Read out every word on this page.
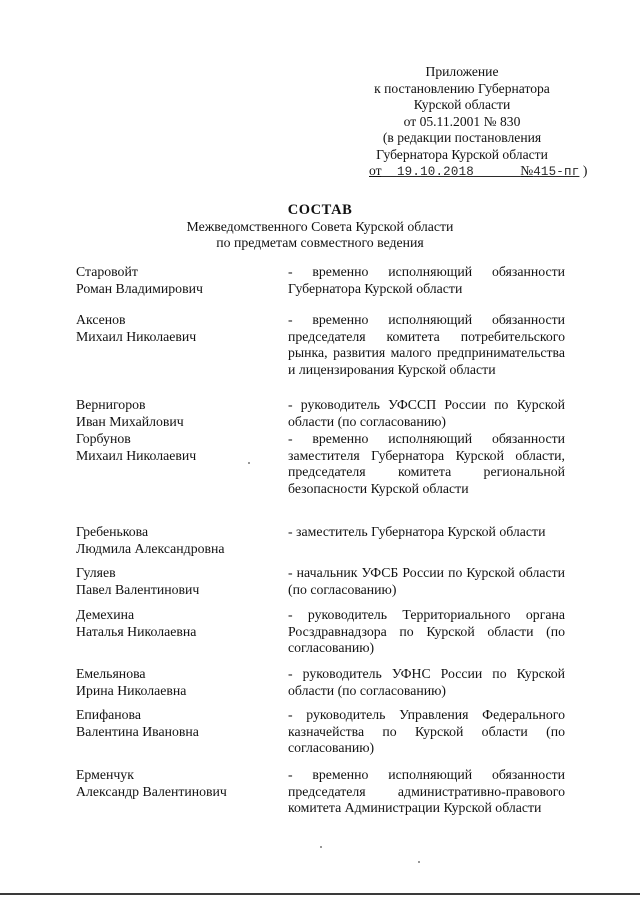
Приложение
к постановлению Губернатора
Курской области
от 05.11.2001 № 830
(в редакции постановления
Губернатора Курской области
от 19.10.2018	№415-пг )
СОСТАВ
Межведомственного Совета Курской области
по предметам совместного ведения
Старовойт
Роман Владимирович
- временно исполняющий обязанности Губернатора Курской области
Аксенов
Михаил Николаевич
- временно исполняющий обязанности председателя комитета потребительского рынка, развития малого предпринимательства и лицензирования Курской области
Вернигоров
Иван Михайлович
- руководитель УФССП России по Курской области (по согласованию)
Горбунов
Михаил Николаевич
- временно исполняющий обязанности заместителя Губернатора Курской области, председателя комитета региональной безопасности Курской области
Гребенькова
Людмила Александровна
- заместитель Губернатора Курской области
Гуляев
Павел Валентинович
- начальник УФСБ России по Курской области (по согласованию)
Демехина
Наталья Николаевна
- руководитель Территориального органа Росздравнадзора по Курской области (по согласованию)
Емельянова
Ирина Николаевна
- руководитель УФНС России по Курской области (по согласованию)
Епифанова
Валентина Ивановна
- руководитель Управления Федерального казначейства по Курской области (по согласованию)
Ерменчук
Александр Валентинович
- временно исполняющий обязанности председателя административно-правового комитета Администрации Курской области
